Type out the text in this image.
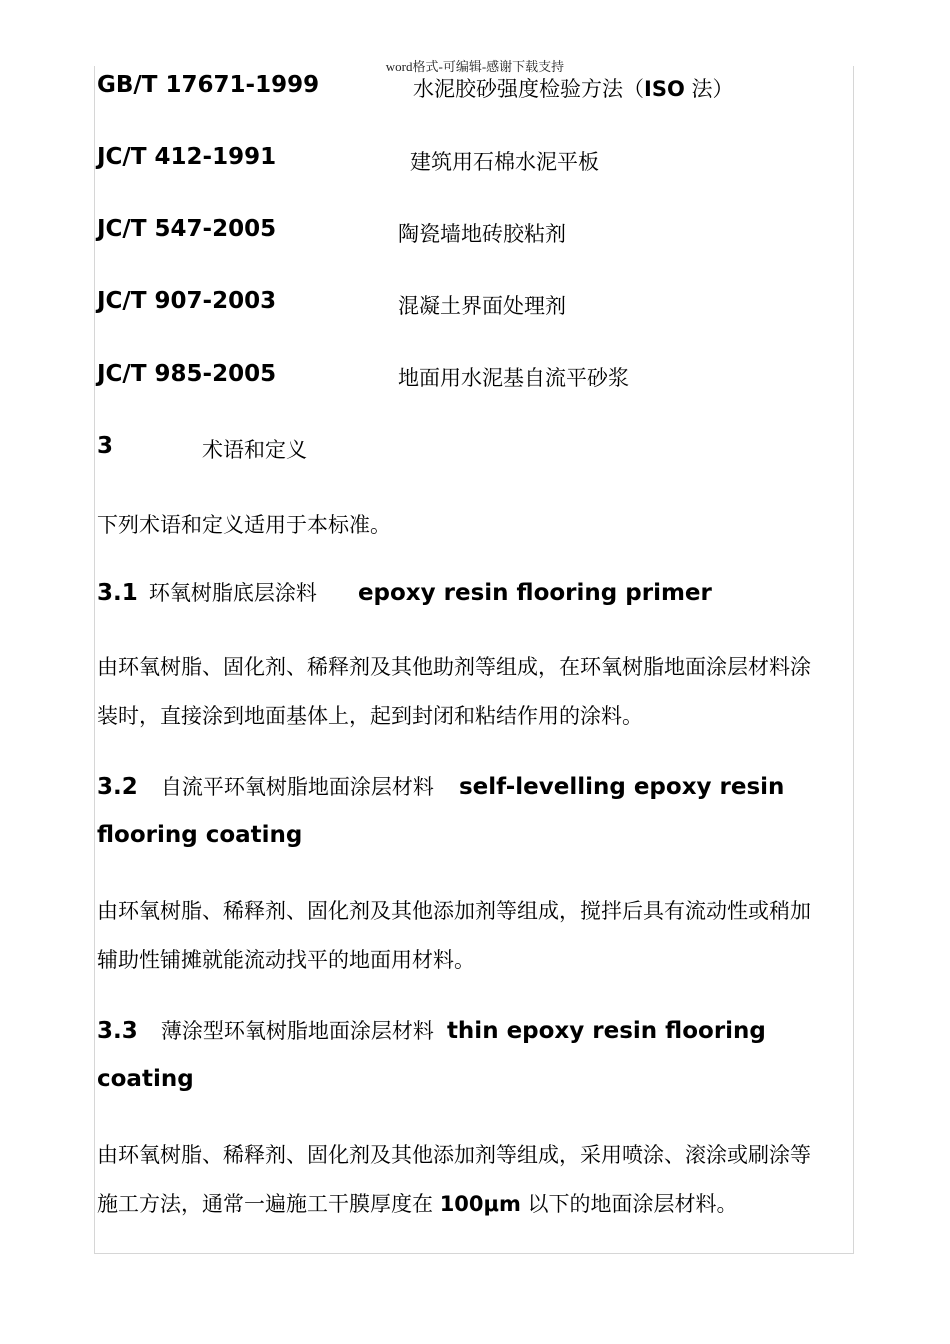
word格式-可编辑-感谢下载支持
GB/T 17671-1999	水泥胶砂强度检验方法（ISO 法）
JC/T 412-1991	建筑用石棉水泥平板
JC/T 547-2005	陶瓷墙地砖胶粘剂
JC/T 907-2003	混凝土界面处理剂
JC/T 985-2005	地面用水泥基自流平砂浆
3	术语和定义
下列术语和定义适用于本标准。
3.1 环氧树脂底层涂料 epoxy resin flooring primer
由环氧树脂、固化剂、稀释剂及其他助剂等组成，在环氧树脂地面涂层材料涂
装时，直接涂到地面基体上，起到封闭和粘结作用的涂料。
3.2 自流平环氧树脂地面涂层材料 self-levelling epoxy resin
flooring coating
由环氧树脂、稀释剂、固化剂及其他添加剂等组成，搅拌后具有流动性或稍加
辅助性铺摊就能流动找平的地面用材料。
3.3 薄涂型环氧树脂地面涂层材料 thin epoxy resin flooring
coating
由环氧树脂、稀释剂、固化剂及其他添加剂等组成，采用喷涂、滚涂或刷涂等
施工方法，通常一遍施工干膜厚度在 100μm 以下的地面涂层材料。
